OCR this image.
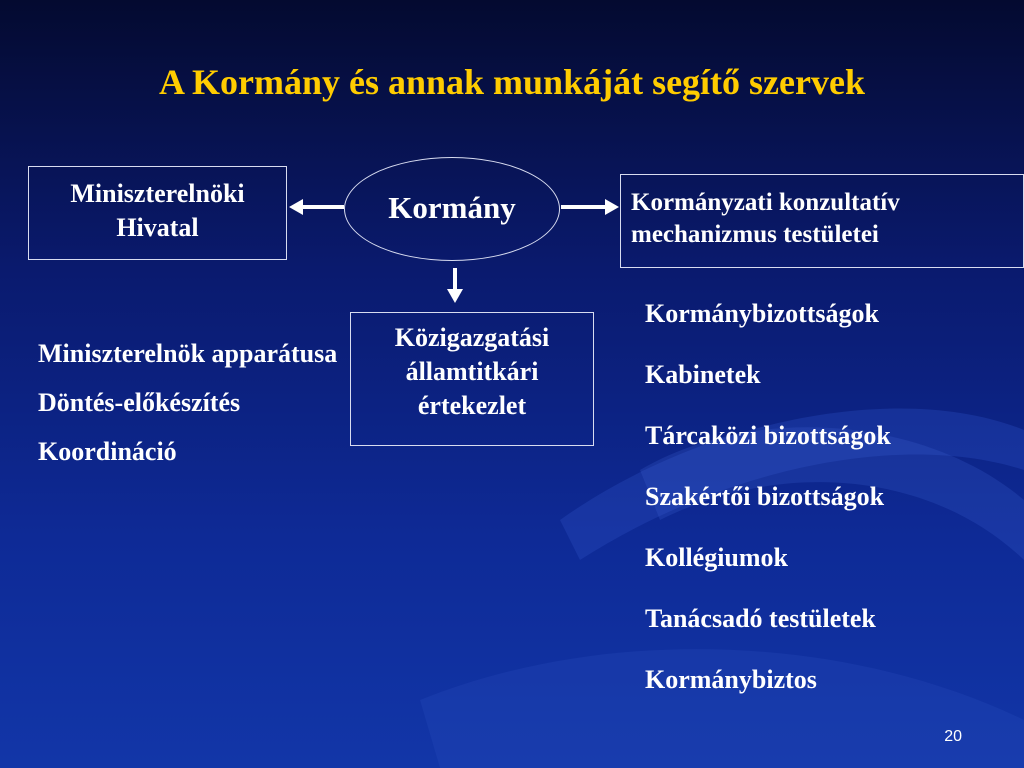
A Kormány és annak munkáját segítő szervek
Miniszterelnöki
Hivatal
Kormány	Kormányzati konzultatív
mechanizmus testületei
Közigazgatási
államtitkári
értekezlet
Miniszterelnök apparátusa
Döntés-előkészítés
Koordináció
Kormánybizottságok
Kabinetek
Tárcaközi bizottságok
Szakértői bizottságok
Kollégiumok
Tanácsadó testületek
Kormánybiztos
20
